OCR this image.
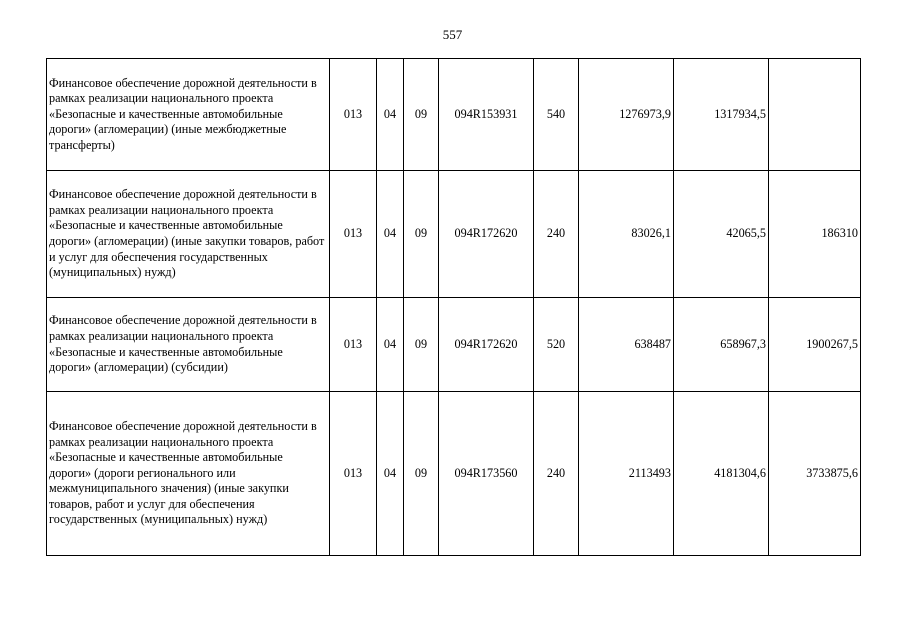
557
Финансовое обеспечение дорожной деятельности в рамках реализации национального проекта «Безопасные и качественные автомобильные дороги» (агломерации) (иные межбюджетные трансферты)	013	04	09	094R153931	540	1276973,9	1317934,5	
Финансовое обеспечение дорожной деятельности в рамках реализации национального проекта «Безопасные и качественные автомобильные дороги» (агломерации) (иные закупки товаров, работ и услуг для обеспечения государственных (муниципальных) нужд)	013	04	09	094R172620	240	83026,1	42065,5	186310
Финансовое обеспечение дорожной деятельности в рамках реализации национального проекта «Безопасные и качественные автомобильные дороги» (агломерации) (субсидии)	013	04	09	094R172620	520	638487	658967,3	1900267,5
Финансовое обеспечение дорожной деятельности в рамках реализации национального проекта «Безопасные и качественные автомобильные дороги» (дороги регионального или межмуниципального значения) (иные закупки товаров, работ и услуг для обеспечения государственных (муниципальных) нужд)	013	04	09	094R173560	240	2113493	4181304,6	3733875,6
